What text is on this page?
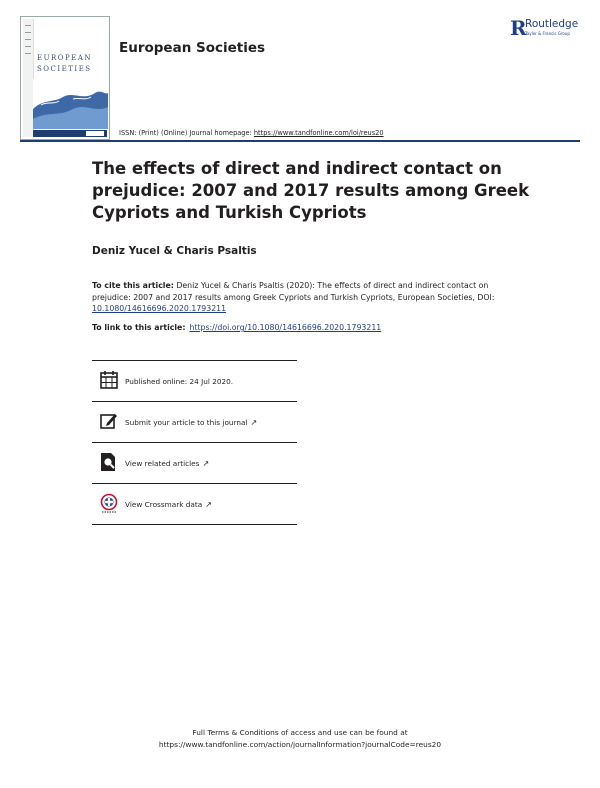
EUROPEAN
SOCIETIES
European Societies
ISSN: (Print) (Online) Journal homepage: https://www.tandfonline.com/loi/reus20
R
Routledge
Taylor & Francis Group
The effects of direct and indirect contact on prejudice: 2007 and 2017 results among Greek Cypriots and Turkish Cypriots
Deniz Yucel & Charis Psaltis
To cite this article: Deniz Yucel & Charis Psaltis (2020): The effects of direct and indirect contact on prejudice: 2007 and 2017 results among Greek Cypriots and Turkish Cypriots, European Societies, DOI: 10.1080/14616696.2020.1793211
To link to this article: https://doi.org/10.1080/14616696.2020.1793211
Published online: 24 Jul 2020.
Submit your article to this journal ↗
View related articles ↗
View Crossmark data ↗
Full Terms & Conditions of access and use can be found at
https://www.tandfonline.com/action/journalInformation?journalCode=reus20
